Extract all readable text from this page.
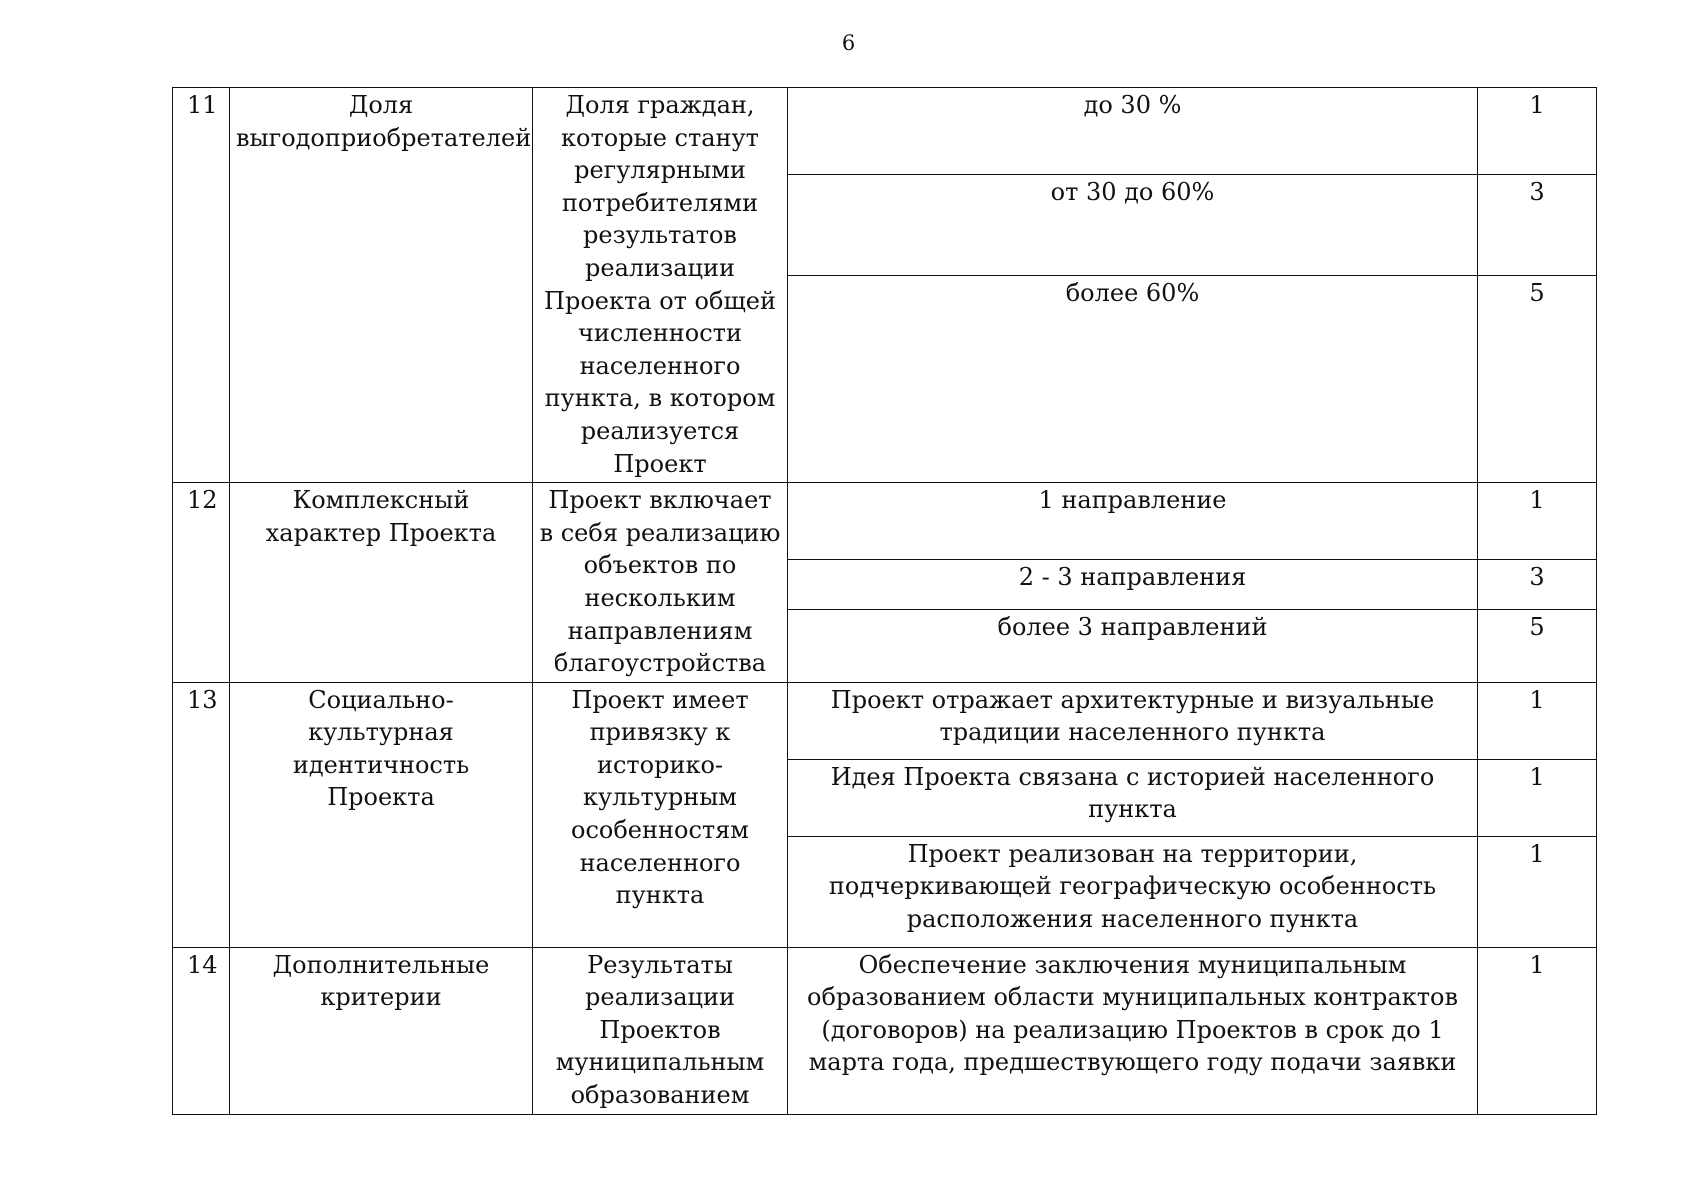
6
11	Доля выгодоприобретателей	Доля граждан, которые станут регулярными потребителями результатов реализации Проекта от общей численности населенного пункта, в котором реализуется Проект	до 30 %	1
			от 30 до 60%	3
			более 60%	5
12	Комплексный характер Проекта	Проект включает в себя реализацию объектов по нескольким направлениям благоустройства	1 направление	1
			2 - 3 направления	3
			более 3 направлений	5
13	Социально-культурная идентичность Проекта	Проект имеет привязку к историко-культурным особенностям населенного пункта	Проект отражает архитектурные и визуальные традиции населенного пункта	1
			Идея Проекта связана с историей населенного пункта	1
			Проект реализован на территории, подчеркивающей географическую особенность расположения населенного пункта	1
14	Дополнительные критерии	Результаты реализации Проектов муниципальным образованием	Обеспечение заключения муниципальным образованием области муниципальных контрактов (договоров) на реализацию Проектов в срок до 1 марта года, предшествующего году подачи заявки	1
